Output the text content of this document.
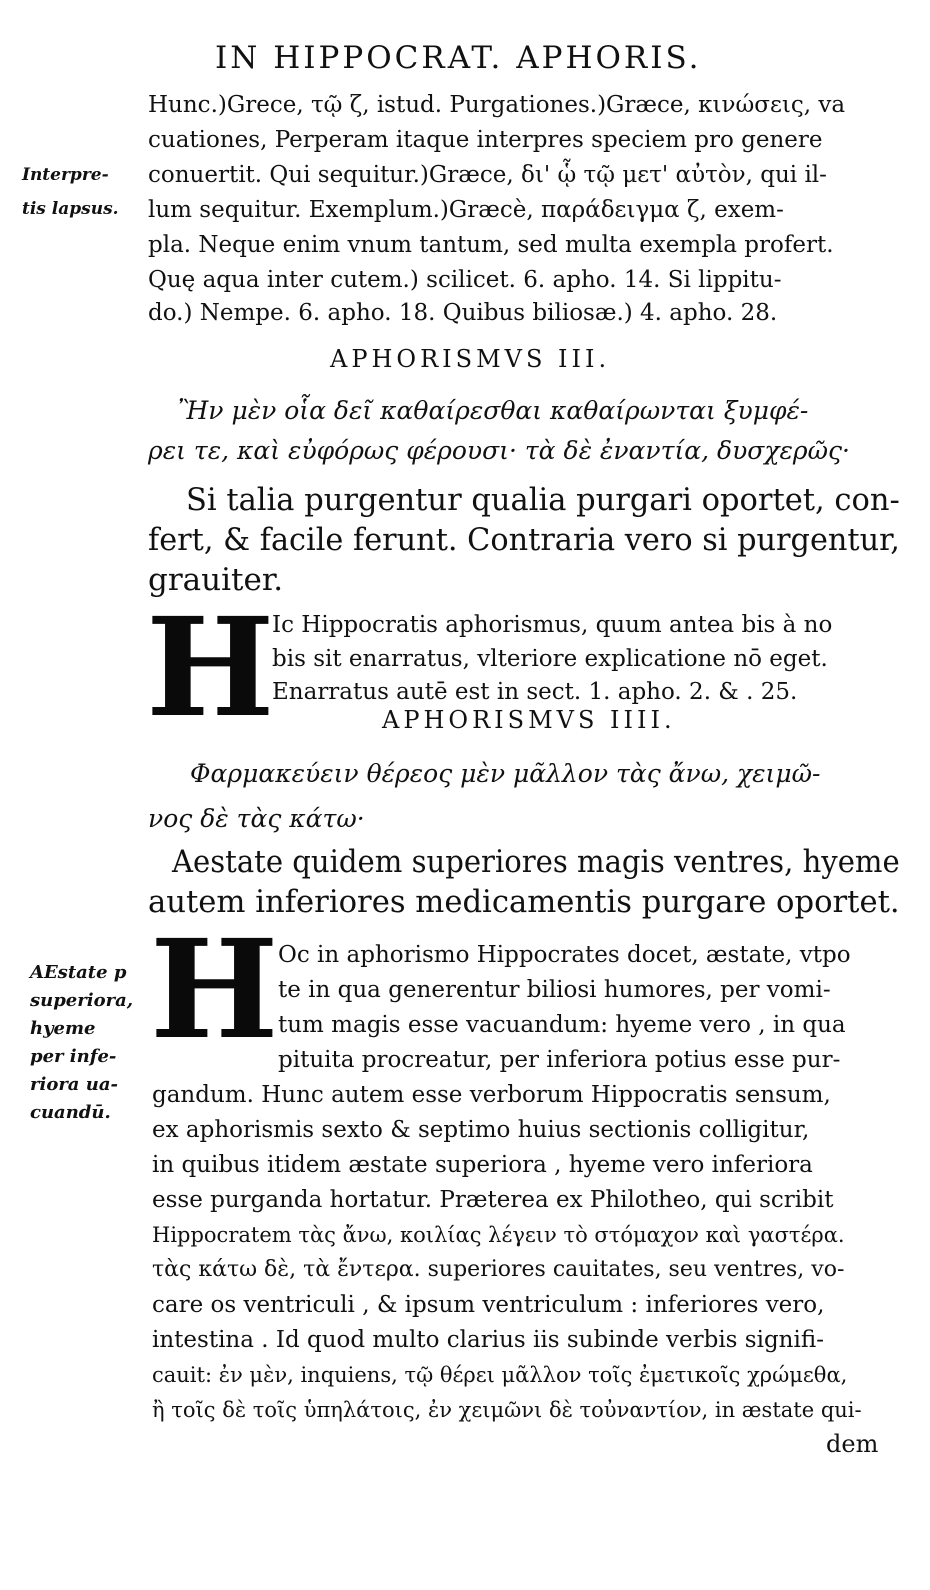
IN HIPPOCRAT. APHORIS.
Hunc.)Grece, τῷ ζ, istud. Purgationes.)Græce, κινώσεις, va
cuationes, Perperam itaque interpres speciem pro genere
conuertit. Qui sequitur.)Græce, δι' ᾧ τῷ μετ' αὐτὸν, qui il-
lum sequitur. Exemplum.)Græcè, παράδειγμα ζ, exem-
pla. Neque enim vnum tantum, sed multa exempla profert.
Quę aqua inter cutem.) scilicet. 6. apho. 14. Si lippitu-
do.) Nempe. 6. apho. 18. Quibus biliosæ.) 4. apho. 28.
Interpre-
tis lapsus.
APHORISMVS III.
Ἢν μὲν οἷα δεῖ καθαίρεσθαι καθαίρωνται ξυμφέ-
ρει τε, καὶ εὐφόρως φέρουσι· τὰ δὲ ἐναντία, δυσχερῶς·
Si talia purgentur qualia purgari oportet, con-
fert, & facile ferunt. Contraria vero si purgentur,
grauiter.
H
Ic Hippocratis aphorismus, quum antea bis à no
bis sit enarratus, vlteriore explicatione nō eget.
Enarratus autē est in sect. 1. apho. 2. & . 25.
APHORISMVS IIII.
Φαρμακεύειν θέρεος μὲν μᾶλλον τὰς ἄνω, χειμῶ-
νος δὲ τὰς κάτω·
Aestate quidem superiores magis ventres, hyeme
autem inferiores medicamentis purgare oportet.
AEstate p
superiora,
hyeme
per infe-
riora ua-
cuandū.
H Oc in aphorismo Hippocrates docet, æstate, vtpo
te in qua generentur biliosi humores, per vomi-
tum magis esse vacuandum: hyeme vero , in qua
pituita procreatur, per inferiora potius esse pur-
gandum. Hunc autem esse verborum Hippocratis sensum,
ex aphorismis sexto & septimo huius sectionis colligitur,
in quibus itidem æstate superiora , hyeme vero inferiora
esse purganda hortatur. Præterea ex Philotheo, qui scribit
Hippocratem τὰς ἄνω, κοιλίας λέγειν τὸ στόμαχον καὶ γαστέρα.
τὰς κάτω δὲ, τὰ ἔντερα. superiores cauitates, seu ventres, vo-
care os ventriculi , & ipsum ventriculum : inferiores vero,
intestina . Id quod multo clarius iis subinde verbis signifi-
cauit: ἐν μὲν, inquiens, τῷ θέρει μᾶλλον τοῖς ἐμετικοῖς χρώμεθα,
ἢ τοῖς δὲ τοῖς ὑπηλάτοις, ἐν χειμῶνι δὲ τοὐναντίον, in æstate qui-
dem
